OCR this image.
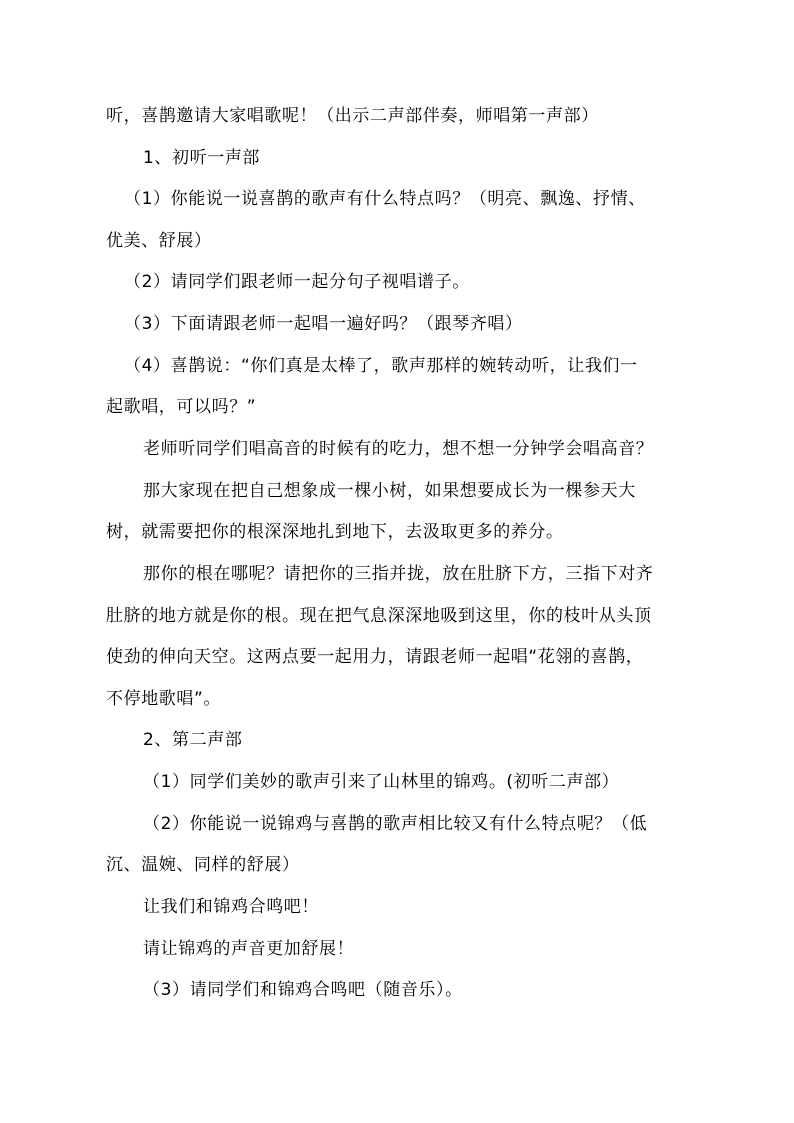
听，喜鹊邀请大家唱歌呢！（出示二声部伴奏，师唱第一声部）
1、初听一声部
（1）你能说一说喜鹊的歌声有什么特点吗？（明亮、飘逸、抒情、
优美、舒展）
（2）请同学们跟老师一起分句子视唱谱子。
（3）下面请跟老师一起唱一遍好吗？（跟琴齐唱）
（4）喜鹊说：“你们真是太棒了，歌声那样的婉转动听，让我们一
起歌唱，可以吗？”
老师听同学们唱高音的时候有的吃力，想不想一分钟学会唱高音？
那大家现在把自己想象成一棵小树，如果想要成长为一棵参天大
树，就需要把你的根深深地扎到地下，去汲取更多的养分。
那你的根在哪呢？请把你的三指并拢，放在肚脐下方，三指下对齐
肚脐的地方就是你的根。现在把气息深深地吸到这里，你的枝叶从头顶
使劲的伸向天空。这两点要一起用力，请跟老师一起唱“花翎的喜鹊，
不停地歌唱”。
2、第二声部
（1）同学们美妙的歌声引来了山林里的锦鸡。(初听二声部）
（2）你能说一说锦鸡与喜鹊的歌声相比较又有什么特点呢？（低
沉、温婉、同样的舒展）
让我们和锦鸡合鸣吧！
请让锦鸡的声音更加舒展！
（3）请同学们和锦鸡合鸣吧（随音乐）。
